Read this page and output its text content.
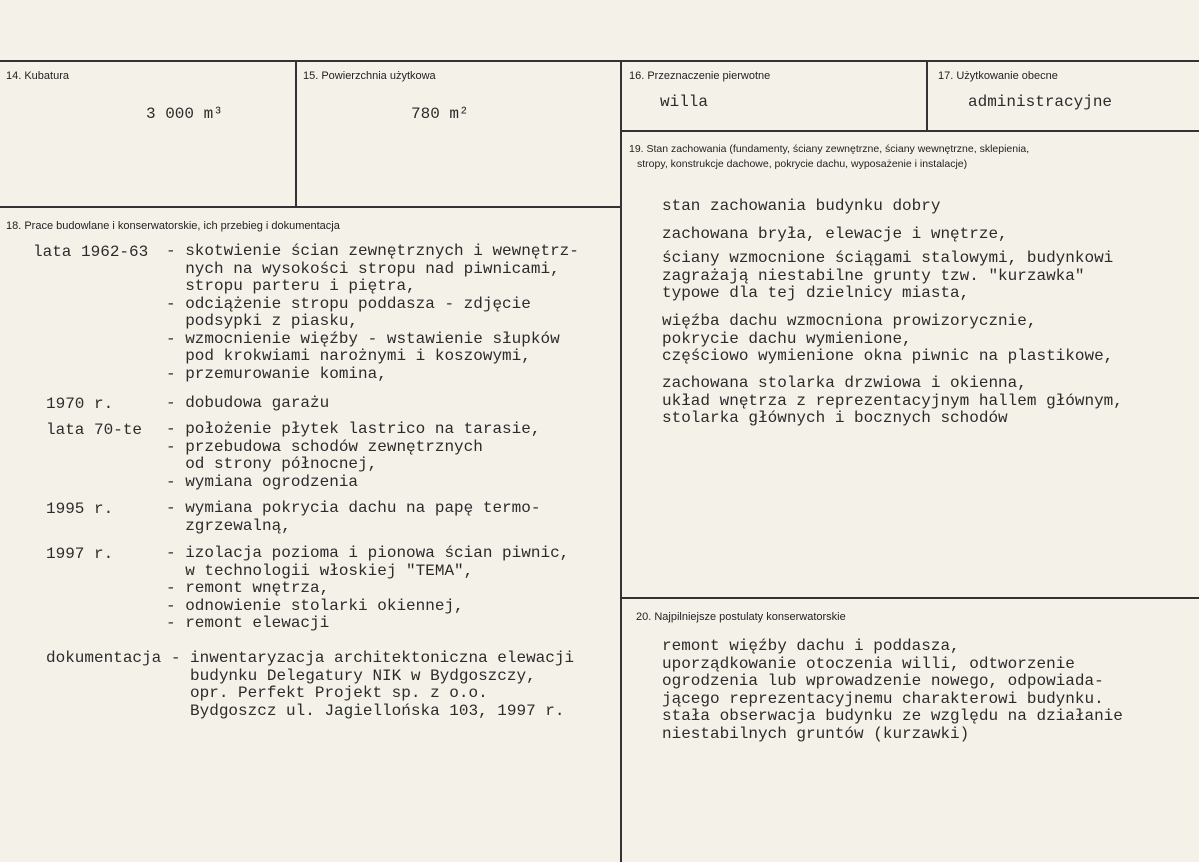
14. Kubatura
3 000 m³
15. Powierzchnia użytkowa
780 m²
16. Przeznaczenie pierwotne
willa
17. Użytkowanie obecne
administracyjne
19. Stan zachowania (fundamenty, ściany zewnętrzne, ściany wewnętrzne, sklepienia,
stropy, konstrukcje dachowe, pokrycie dachu, wyposażenie i instalacje)
stan zachowania budynku dobry
zachowana bryła, elewacje i wnętrze,
ściany wzmocnione ściągami stalowymi, budynkowi
zagrażają niestabilne grunty tzw. "kurzawka"
typowe dla tej dzielnicy miasta,
więźba dachu wzmocniona prowizorycznie,
pokrycie dachu wymienione,
częściowo wymienione okna piwnic na plastikowe,
zachowana stolarka drzwiowa i okienna,
układ wnętrza z reprezentacyjnym hallem głównym,
stolarka głównych i bocznych schodów
18. Prace budowlane i konserwatorskie, ich przebieg i dokumentacja
lata 1962-63 - skotwienie ścian zewnętrznych i wewnętrz-
nych na wysokości stropu nad piwnicami,
stropu parteru i piętra,
- odciążenie stropu poddasza - zdjęcie
podsypki z piasku,
- wzmocnienie więźby - wstawienie słupków
pod krokwiami narożnymi i koszowymi,
- przemurowanie komina,
1970 r.	- dobudowa garażu
lata 70-te - położenie płytek lastrico na tarasie,
- przebudowa schodów zewnętrznych
od strony północnej,
- wymiana ogrodzenia
1995 r.	- wymiana pokrycia dachu na papę termo-
zgrzewalną,
1997 r.	- izolacja pozioma i pionowa ścian piwnic,
w technologii włoskiej "TEMA",
- remont wnętrza,
- odnowienie stolarki okiennej,
- remont elewacji
dokumentacja - inwentaryzacja architektoniczna elewacji
budynku Delegatury NIK w Bydgoszczy,
opr. Perfekt Projekt sp. z o.o.
Bydgoszcz ul. Jagiellońska 103, 1997 r.
20. Najpilniejsze postulaty konserwatorskie
remont więźby dachu i poddasza,
uporządkowanie otoczenia willi, odtworzenie
ogrodzenia lub wprowadzenie nowego, odpowiada-
jącego reprezentacyjnemu charakterowi budynku.
stała obserwacja budynku ze względu na działanie
niestabilnych gruntów (kurzawki)
